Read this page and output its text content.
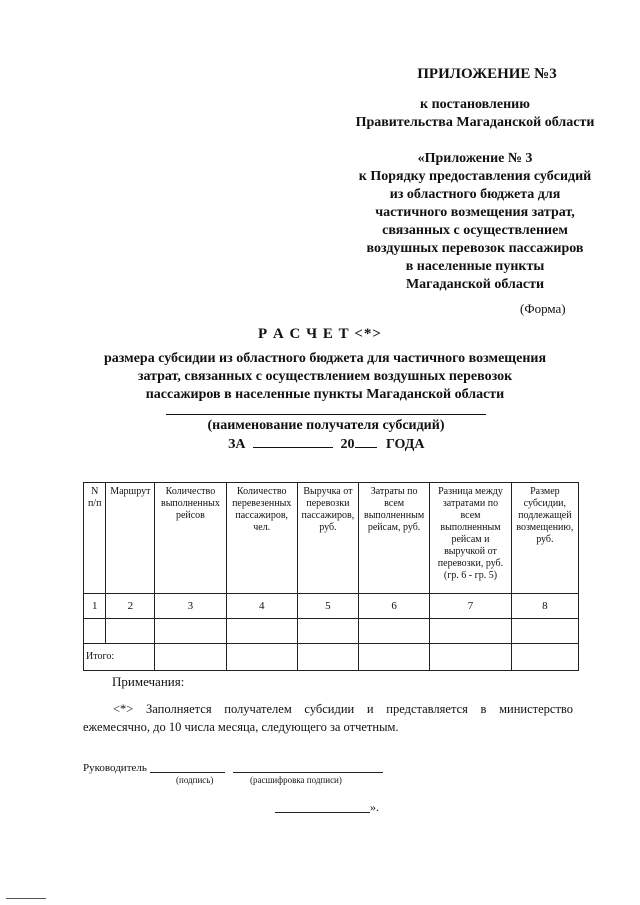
ПРИЛОЖЕНИЕ №3
к постановлению
Правительства Магаданской области
«Приложение № 3
к Порядку предоставления субсидий
из областного бюджета для
частичного возмещения затрат,
связанных с осуществлением
воздушных перевозок пассажиров
в населенные пункты
Магаданской области
(Форма)
Р А С Ч Е Т <*>
размера субсидии из областного бюджета для частичного возмещения
затрат, связанных с осуществлением воздушных перевозок
пассажиров в населенные пункты Магаданской области
(наименование получателя субсидий)
ЗА	20 ГОДА
N п/п	Маршрут	Количество выполненных рейсов	Количество перевезенных пассажиров, чел.	Выручка от перевозки пассажиров, руб.	Затраты по всем выполненным рейсам, руб.	Разница между затратами по всем выполненным рейсам и выручкой от перевозки, руб. (гр. 6 - гр. 5)	Размер субсидии, подлежащей возмещению, руб.
1	2	3	4	5	6	7	8

Итого:							
Примечания:
<*> Заполняется получателем субсидии и представляется в министерство ежемесячно, до 10 числа месяца, следующего за отчетным.
Руководитель
(подпись)	(расшифровка подписи)
».
